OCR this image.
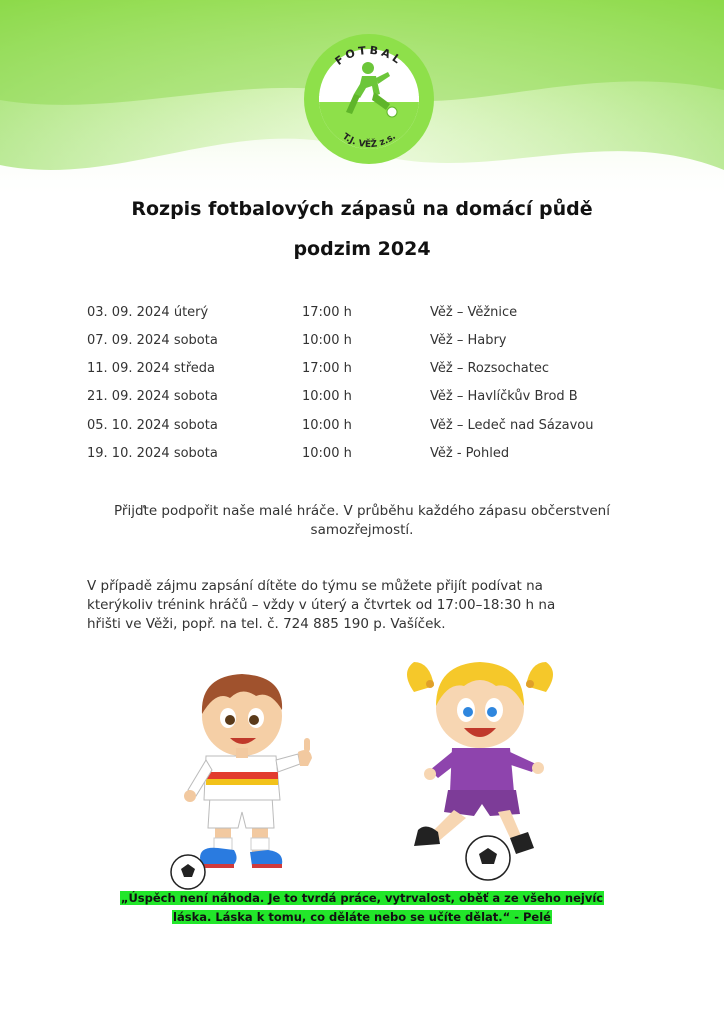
FOTBAL
T.J. VĚŽ z.s.
Rozpis fotbalových zápasů na domácí půdě
podzim 2024
03. 09. 2024 úterý	17:00 h	Věž – Věžnice
07. 09. 2024 sobota	10:00 h	Věž – Habry
11. 09. 2024 středa	17:00 h	Věž – Rozsochatec
21. 09. 2024 sobota	10:00 h	Věž – Havlíčkův Brod B
05. 10. 2024 sobota	10:00 h	Věž – Ledeč nad Sázavou
19. 10. 2024 sobota	10:00 h	Věž - Pohled
Přijďte podpořit naše malé hráče. V průběhu každého zápasu občerstvení
samozřejmostí.
V případě zájmu zapsání dítěte do týmu se můžete přijít podívat na
kterýkoliv trénink hráčů – vždy v úterý a čtvrtek od 17:00–18:30 h na
hřišti ve Věži, popř. na tel. č. 724 885 190 p. Vašíček.
„Úspěch není náhoda. Je to tvrdá práce, vytrvalost, oběť a ze všeho nejvíc
láska. Láska k tomu, co děláte nebo se učíte dělat.“ - Pelé
